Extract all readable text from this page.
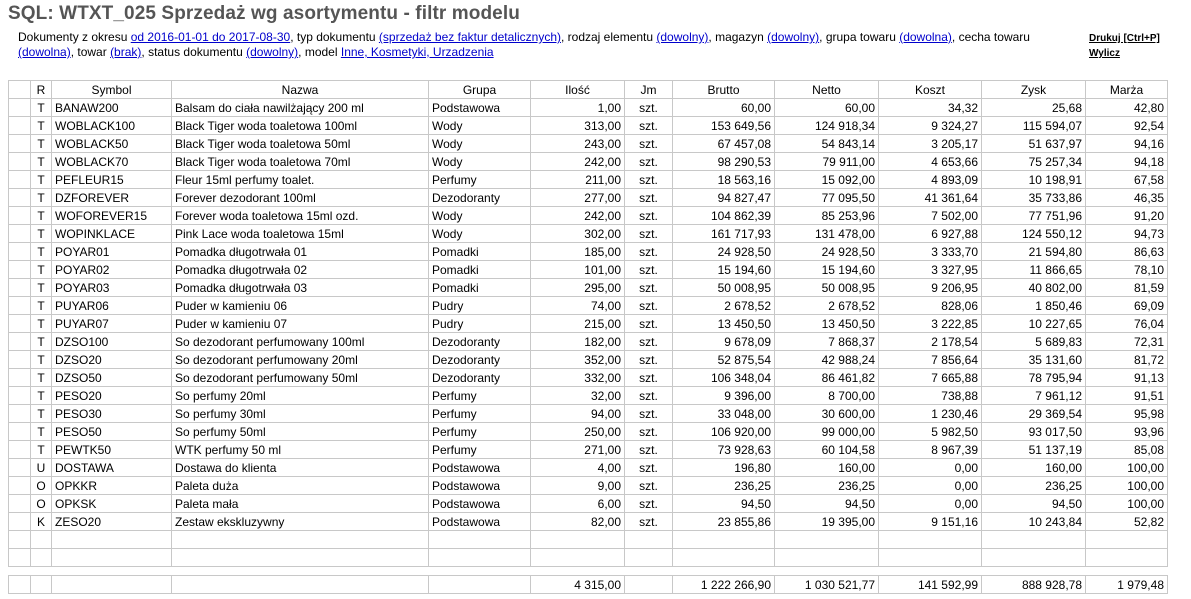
SQL: WTXT_025 Sprzedaż wg asortymentu - filtr modelu
Dokumenty z okresu od 2016-01-01 do 2017-08-30, typ dokumentu (sprzedaż bez faktur detalicznych), rodzaj elementu (dowolny), magazyn (dowolny), grupa towaru (dowolna), cecha towaru (dowolna), towar (brak), status dokumentu (dowolny), model Inne, Kosmetyki, Urzadzenia
Drukuj [Ctrl+P]
Wylicz
	R	Symbol	Nazwa	Grupa	Ilość	Jm	Brutto	Netto	Koszt	Zysk	Marża
	T	BANAW200	Balsam do ciała nawilżający 200 ml	Podstawowa	1,00	szt.	60,00	60,00	34,32	25,68	42,80
	T	WOBLACK100	Black Tiger woda toaletowa 100ml	Wody	313,00	szt.	153 649,56	124 918,34	9 324,27	115 594,07	92,54
	T	WOBLACK50	Black Tiger woda toaletowa 50ml	Wody	243,00	szt.	67 457,08	54 843,14	3 205,17	51 637,97	94,16
	T	WOBLACK70	Black Tiger woda toaletowa 70ml	Wody	242,00	szt.	98 290,53	79 911,00	4 653,66	75 257,34	94,18
	T	PEFLEUR15	Fleur 15ml perfumy toalet.	Perfumy	211,00	szt.	18 563,16	15 092,00	4 893,09	10 198,91	67,58
	T	DZFOREVER	Forever dezodorant 100ml	Dezodoranty	277,00	szt.	94 827,47	77 095,50	41 361,64	35 733,86	46,35
	T	WOFOREVER15	Forever woda toaletowa 15ml ozd.	Wody	242,00	szt.	104 862,39	85 253,96	7 502,00	77 751,96	91,20
	T	WOPINKLACE	Pink Lace woda toaletowa 15ml	Wody	302,00	szt.	161 717,93	131 478,00	6 927,88	124 550,12	94,73
	T	POYAR01	Pomadka długotrwała 01	Pomadki	185,00	szt.	24 928,50	24 928,50	3 333,70	21 594,80	86,63
	T	POYAR02	Pomadka długotrwała 02	Pomadki	101,00	szt.	15 194,60	15 194,60	3 327,95	11 866,65	78,10
	T	POYAR03	Pomadka długotrwała 03	Pomadki	295,00	szt.	50 008,95	50 008,95	9 206,95	40 802,00	81,59
	T	PUYAR06	Puder w kamieniu 06	Pudry	74,00	szt.	2 678,52	2 678,52	828,06	1 850,46	69,09
	T	PUYAR07	Puder w kamieniu 07	Pudry	215,00	szt.	13 450,50	13 450,50	3 222,85	10 227,65	76,04
	T	DZSO100	So dezodorant perfumowany 100ml	Dezodoranty	182,00	szt.	9 678,09	7 868,37	2 178,54	5 689,83	72,31
	T	DZSO20	So dezodorant perfumowany 20ml	Dezodoranty	352,00	szt.	52 875,54	42 988,24	7 856,64	35 131,60	81,72
	T	DZSO50	So dezodorant perfumowany 50ml	Dezodoranty	332,00	szt.	106 348,04	86 461,82	7 665,88	78 795,94	91,13
	T	PESO20	So perfumy 20ml	Perfumy	32,00	szt.	9 396,00	8 700,00	738,88	7 961,12	91,51
	T	PESO30	So perfumy 30ml	Perfumy	94,00	szt.	33 048,00	30 600,00	1 230,46	29 369,54	95,98
	T	PESO50	So perfumy 50ml	Perfumy	250,00	szt.	106 920,00	99 000,00	5 982,50	93 017,50	93,96
	T	PEWTK50	WTK perfumy 50 ml	Perfumy	271,00	szt.	73 928,63	60 104,58	8 967,39	51 137,19	85,08
	U	DOSTAWA	Dostawa do klienta	Podstawowa	4,00	szt.	196,80	160,00	0,00	160,00	100,00
	O	OPKKR	Paleta duża	Podstawowa	9,00	szt.	236,25	236,25	0,00	236,25	100,00
	O	OPKSK	Paleta mała	Podstawowa	6,00	szt.	94,50	94,50	0,00	94,50	100,00
	K	ZESO20	Zestaw ekskluzywny	Podstawowa	82,00	szt.	23 855,86	19 395,00	9 151,16	10 243,84	52,82

					4 315,00		1 222 266,90	1 030 521,77	141 592,99	888 928,78	1 979,48
